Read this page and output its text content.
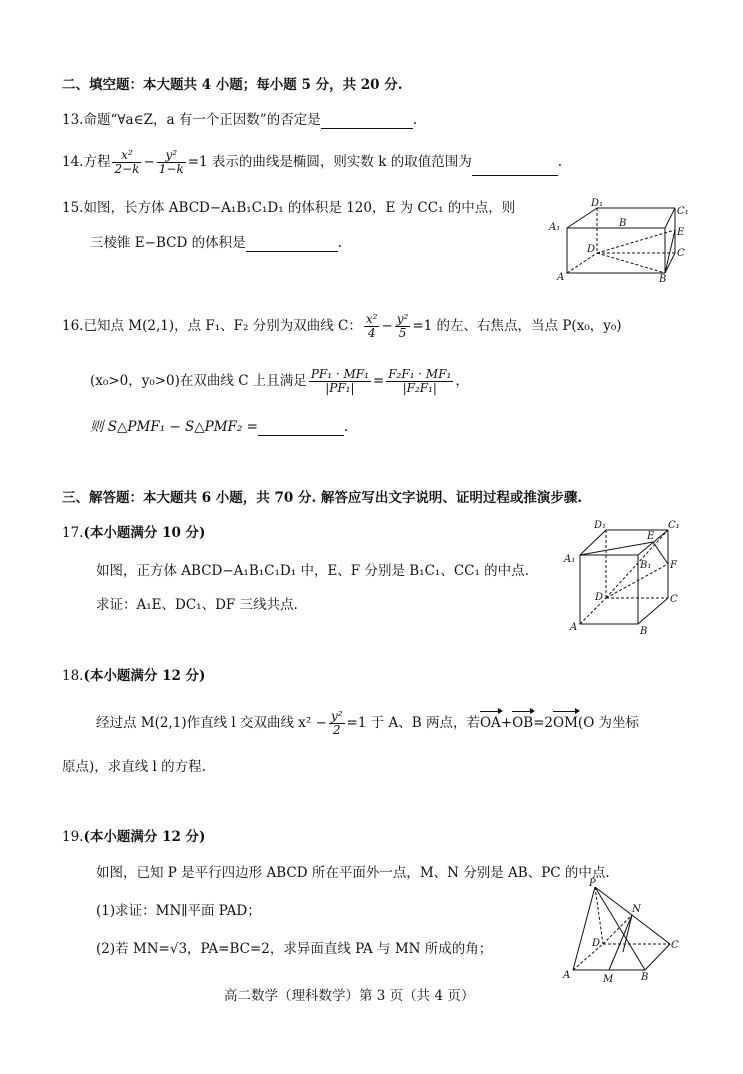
二、填空题：本大题共 4 小题；每小题 5 分，共 20 分.
13.命题“∀a∈Z，a 有一个正因数”的否定是	.
14.方程 $\frac{\text{x²}}{2-k} - \frac{\text{y²}}{1-k} =1$ 表示的曲线是椭圆，则实数 k 的取值范围为	.
15.如图，长方体 ABCD−A₁B₁C₁D₁ 的体积是 120，E 为 CC₁ 的中点，则
三棱锥 E−BCD 的体积是	.
D₁
B
C₁
A₁	E
D	C
A	B
16.已知点 M(2,1)，点 F₁、F₂ 分别为双曲线 C： $\frac{\text{x²}}{4} - \frac{\text{y²}}{5} =1$ 的左、右焦点，当点 P(x₀，y₀)
(x₀>0，y₀>0)在双曲线 C 上且满足 $\frac{\text{PF₁ · MF₁}}{\text{|PF₁|}} = \frac{\text{F₂F₁ · MF₁}}{\text{|F₂F₁|}}$ ，
则 S△PMF₁ − S△PMF₂ =	.
三、解答题：本大题共 6 小题，共 70 分. 解答应写出文字说明、证明过程或推演步骤.
17.(本小题满分 10 分)
如图，正方体 ABCD−A₁B₁C₁D₁ 中，E、F 分别是 B₁C₁、CC₁ 的中点.
求证：A₁E、DC₁、DF 三线共点.
D₁	C₁
E
A₁
B₁ F
D	C
A	B
18.(本小题满分 12 分)
经过点 M(2,1)作直线 l 交双曲线 $x^2 - \frac{\text{y²}}{2} =1$ 于 A、B 两点，若OA+OB=2OM(O 为坐标
原点)，求直线 l 的方程.
19.(本小题满分 12 分)
如图，已知 P 是平行四边形 ABCD 所在平面外一点，M、N 分别是 AB、PC 的中点.
(1)求证：MN∥平面 PAD；
(2)若 MN=√3，PA=BC=2，求异面直线 PA 与 MN 所成的角；
P
N
D	C
A	M	B
高二数学（理科数学）第 3 页（共 4 页）
